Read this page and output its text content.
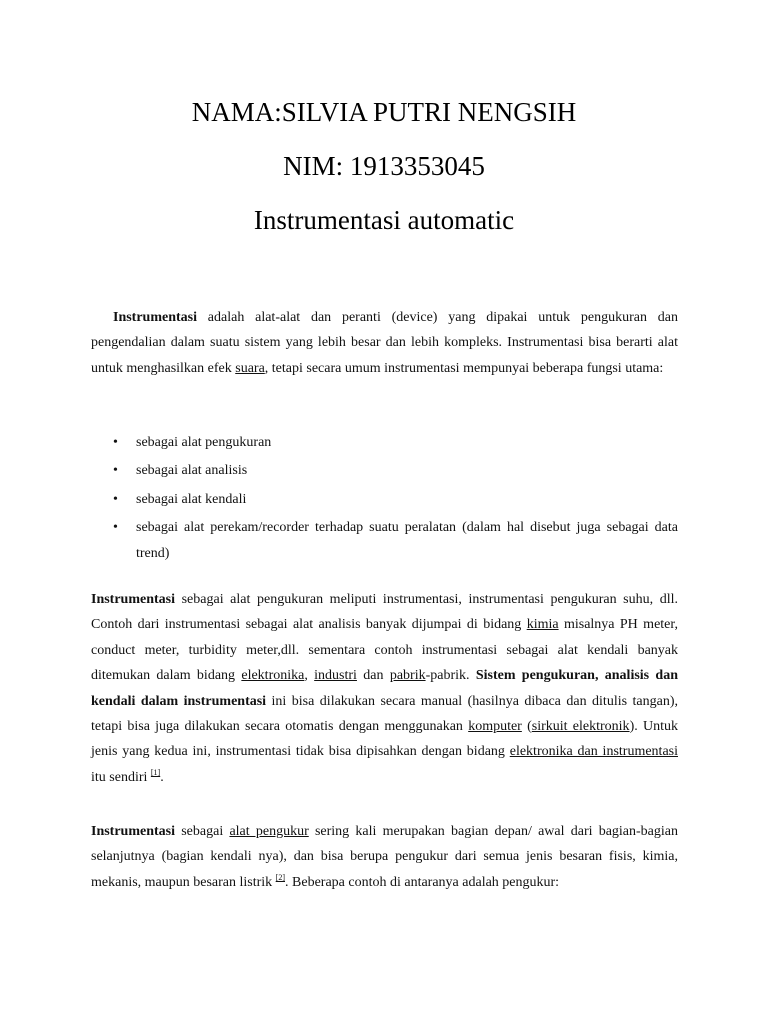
NAMA:SILVIA PUTRI NENGSIH
NIM: 1913353045
Instrumentasi automatic
Instrumentasi adalah alat-alat dan peranti (device) yang dipakai untuk pengukuran dan pengendalian dalam suatu sistem yang lebih besar dan lebih kompleks. Instrumentasi bisa berarti alat untuk menghasilkan efek suara, tetapi secara umum instrumentasi mempunyai beberapa fungsi utama:
• sebagai alat pengukuran
• sebagai alat analisis
• sebagai alat kendali
• sebagai alat perekam/recorder terhadap suatu peralatan (dalam hal disebut juga sebagai data trend)
Instrumentasi sebagai alat pengukuran meliputi instrumentasi, instrumentasi pengukuran suhu, dll. Contoh dari instrumentasi sebagai alat analisis banyak dijumpai di bidang kimia misalnya PH meter, conduct meter, turbidity meter,dll. sementara contoh instrumentasi sebagai alat kendali banyak ditemukan dalam bidang elektronika, industri dan pabrik-pabrik. Sistem pengukuran, analisis dan kendali dalam instrumentasi ini bisa dilakukan secara manual (hasilnya dibaca dan ditulis tangan), tetapi bisa juga dilakukan secara otomatis dengan menggunakan komputer (sirkuit elektronik). Untuk jenis yang kedua ini, instrumentasi tidak bisa dipisahkan dengan bidang elektronika dan instrumentasi itu sendiri [1].
Instrumentasi sebagai alat pengukur sering kali merupakan bagian depan/ awal dari bagian-bagian selanjutnya (bagian kendali nya), dan bisa berupa pengukur dari semua jenis besaran fisis, kimia, mekanis, maupun besaran listrik [2]. Beberapa contoh di antaranya adalah pengukur:
